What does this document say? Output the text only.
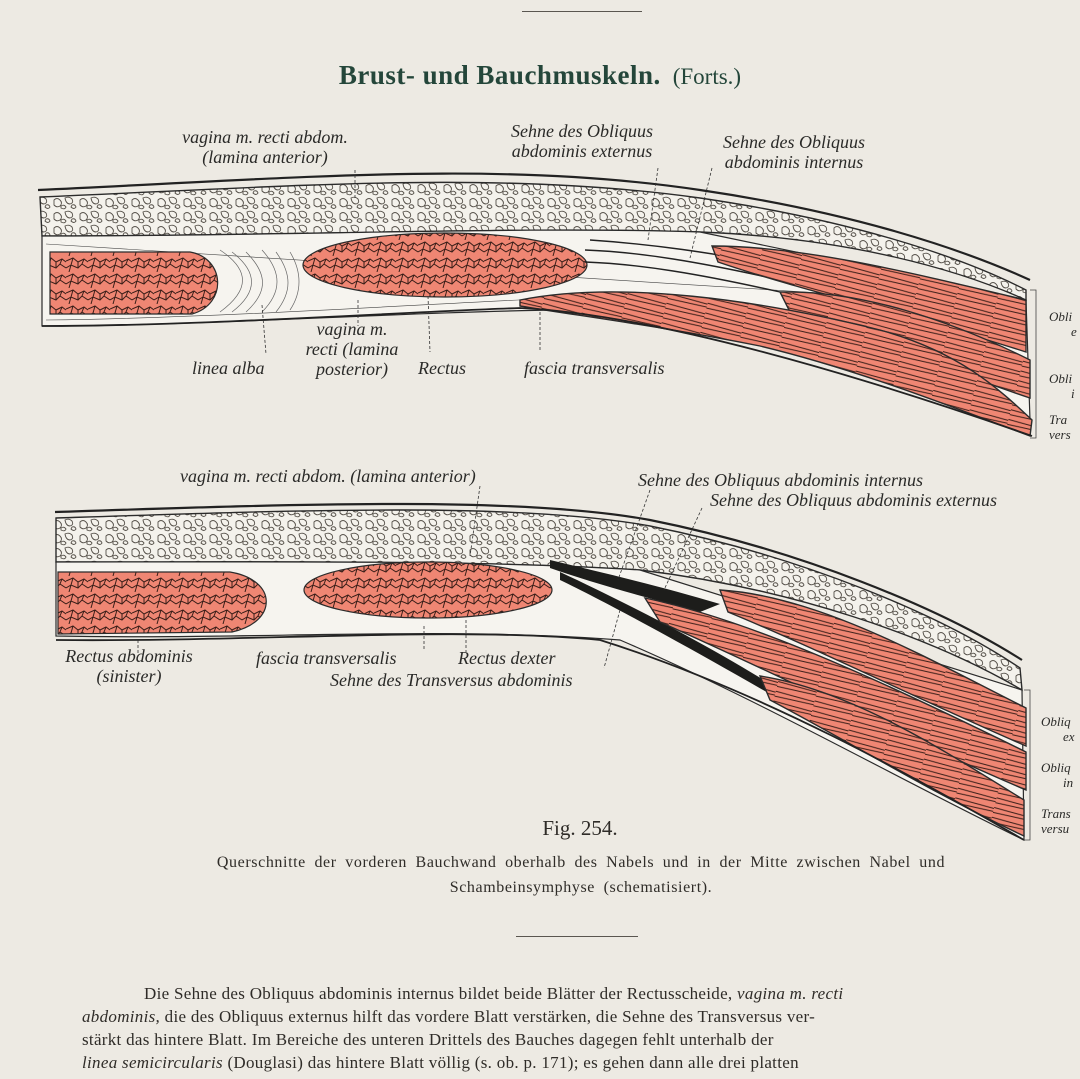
Brust- und Bauchmuskeln. (Forts.)
vagina m. recti abdom.
(lamina anterior)
Sehne des Obliquus
abdominis externus	Sehne des Obliquus
abdominis internus
vagina m.
recti (lamina
posterior)
linea alba	Rectus	fascia transversalis
Obli
e
Obli
i
Tra
vers
vagina m. recti abdom. (lamina anterior)	Sehne des Obliquus abdominis internus
Sehne des Obliquus abdominis externus
Rectus abdominis
(sinister)
fascia transversalis	Rectus dexter
Sehne des Transversus abdominis
Obliq
ex
Obliq
in
Trans
versu
Fig. 254.
Querschnitte der vorderen Bauchwand oberhalb des Nabels und in der Mitte zwischen Nabel und
Schambeinsymphyse (schematisiert).

Die Sehne des Obliquus abdominis internus bildet beide Blätter der Rectusscheide, vagina m. recti

abdominis, die des Obliquus externus hilft das vordere Blatt verstärken, die Sehne des Transversus ver-

stärkt das hintere Blatt. Im Bereiche des unteren Drittels des Bauches dagegen fehlt unterhalb der

linea semicircularis (Douglasi) das hintere Blatt völlig (s. ob. p. 171); es gehen dann alle drei platten
